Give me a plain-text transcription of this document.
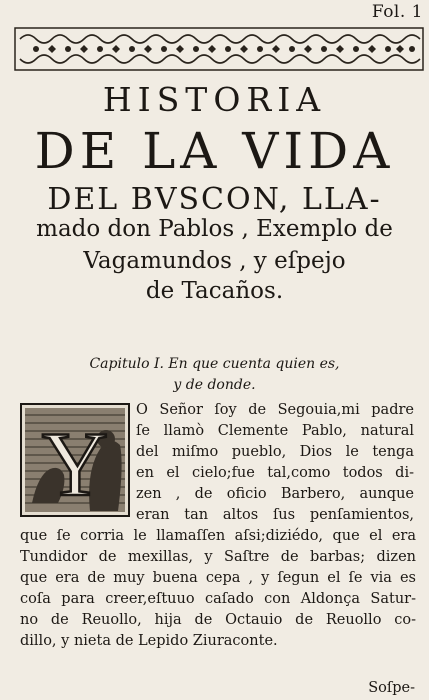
Fol. 1
HISTORIA
DE LA VIDA
DEL BVSCON, LLA-
mado don Pablos , Exemplo de
Vagamundos , y eſpejo
de Tacaños.
Capitulo I. En que cuenta quien es,
y de donde.
Y
O Señor ſoy de Segouia,mi padre
ſe llamò Clemente Pablo, natural
del miſmo pueblo, Dios le tenga
en el cielo;fue tal,como todos di-
zen , de oficio Barbero, aunque
eran tan altos ſus penſamientos,
que ſe corria le llamaſſen aſsi;diziédo, que el era
Tundidor de mexillas, y Saſtre de barbas; dizen
que era de muy buena cepa , y ſegun el ſe via es
coſa para creer,eſtuuo caſado con Aldonça Satur-
no de Reuollo, hija de Octauio de Reuollo co-
dillo, y nieta de Lepido Ziuraconte.
Soſpe-
